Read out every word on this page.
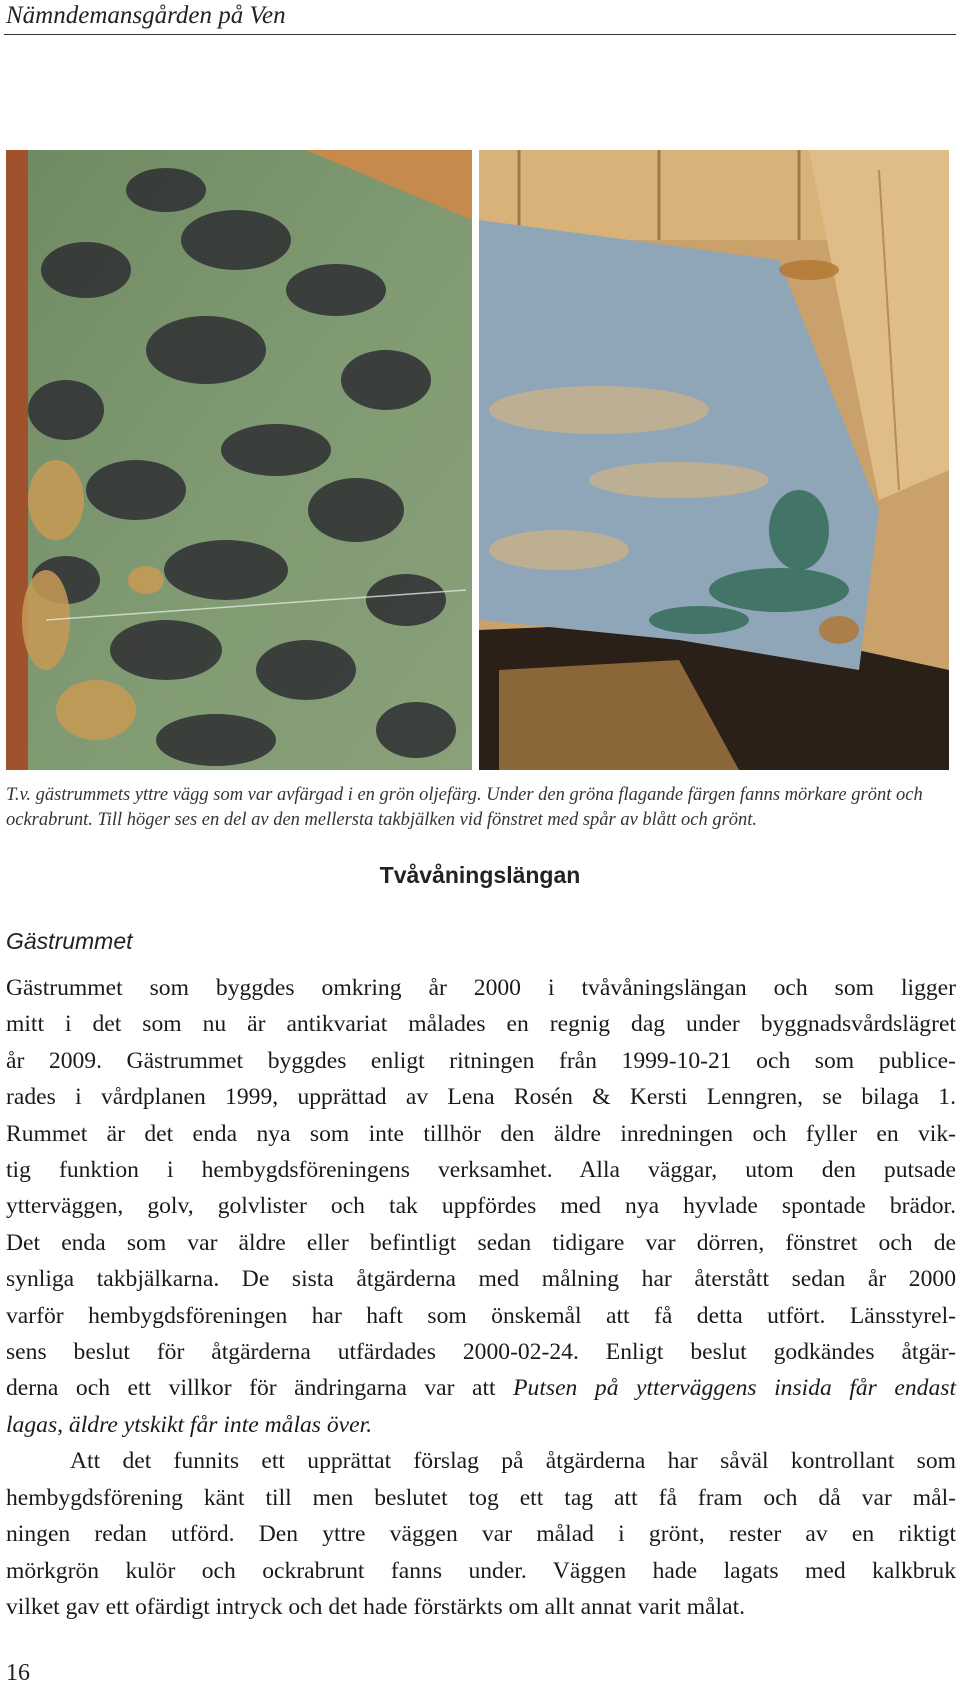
Nämndemansgården på Ven
T.v. gästrummets yttre vägg som var avfärgad i en grön oljefärg. Under den gröna flagande färgen fanns mörkare grönt och
ockrabrunt. Till höger ses en del av den mellersta takbjälken vid fönstret med spår av blått och grönt.
Tvåvåningslängan
Gästrummet

Gästrummet som byggdes omkring år 2000 i tvåvåningslängan och som ligger
mitt i det som nu är antikvariat målades en regnig dag under byggnadsvårdslägret
år 2009. Gästrummet byggdes enligt ritningen från 1999-10-21 och som publice-
rades i vårdplanen 1999, upprättad av Lena Rosén & Kersti Lenngren, se bilaga 1.
Rummet är det enda nya som inte tillhör den äldre inredningen och fyller en vik-
tig funktion i hembygdsföreningens verksamhet. Alla väggar, utom den putsade
ytterväggen, golv, golvlister och tak uppfördes med nya hyvlade spontade brädor.
Det enda som var äldre eller befintligt sedan tidigare var dörren, fönstret och de
synliga takbjälkarna. De sista åtgärderna med målning har återstått sedan år 2000
varför hembygdsföreningen har haft som önskemål att få detta utfört. Länsstyrel-
sens beslut för åtgärderna utfärdades 2000-02-24. Enligt beslut godkändes åtgär-
derna och ett villkor för ändringarna var att Putsen på ytterväggens insida får endast
lagas, äldre ytskikt får inte målas över.

Att det funnits ett upprättat förslag på åtgärderna har såväl kontrollant som
hembygdsförening känt till men beslutet tog ett tag att få fram och då var mål-
ningen redan utförd. Den yttre väggen var målad i grönt, rester av en riktigt
mörkgrön kulör och ockrabrunt fanns under. Väggen hade lagats med kalkbruk
vilket gav ett ofärdigt intryck och det hade förstärkts om allt annat varit målat.

16
